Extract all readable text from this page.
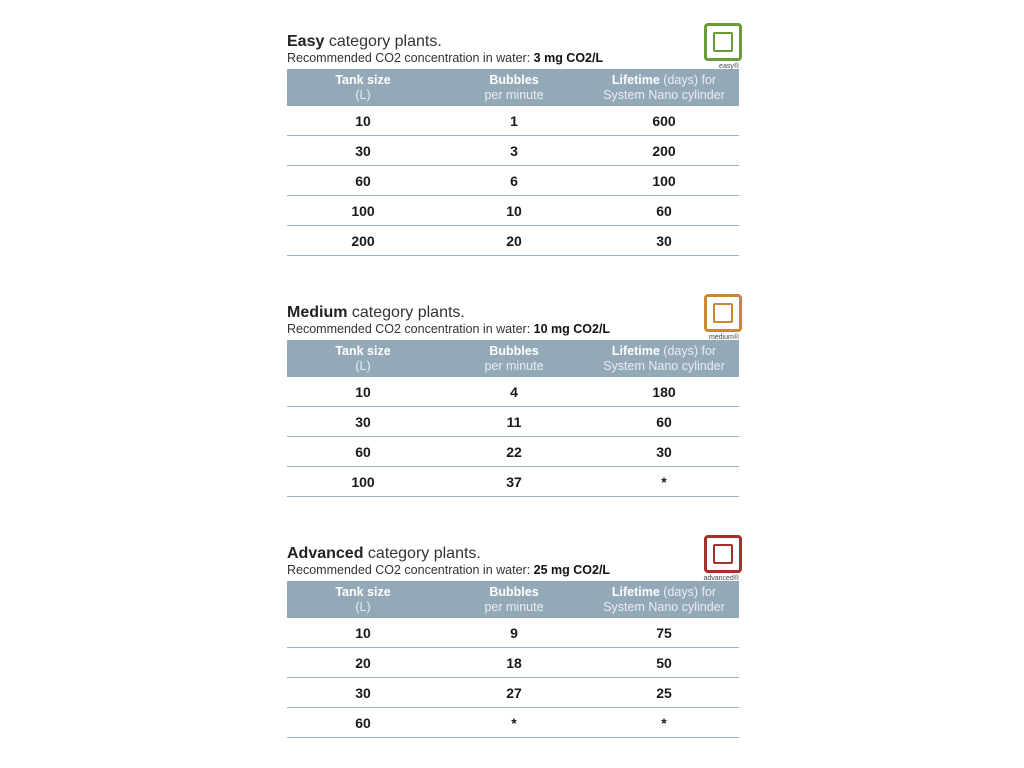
easy®
Easy category plants.
Recommended CO2 concentration in water: 3 mg CO2/L
Tank size
(L)
Bubbles
per minute
Lifetime (days) for
System Nano cylinder
10	1	600
30	3	200
60	6	100
100	10	60
200	20	30
medium®
Medium category plants.
Recommended CO2 concentration in water: 10 mg CO2/L
Tank size
(L)
Bubbles
per minute
Lifetime (days) for
System Nano cylinder
10	4	180
30	11	60
60	22	30
100	37	*
advanced®
Advanced category plants.
Recommended CO2 concentration in water: 25 mg CO2/L
Tank size
(L)
Bubbles
per minute
Lifetime (days) for
System Nano cylinder
10	9	75
20	18	50
30	27	25
60	*	*
